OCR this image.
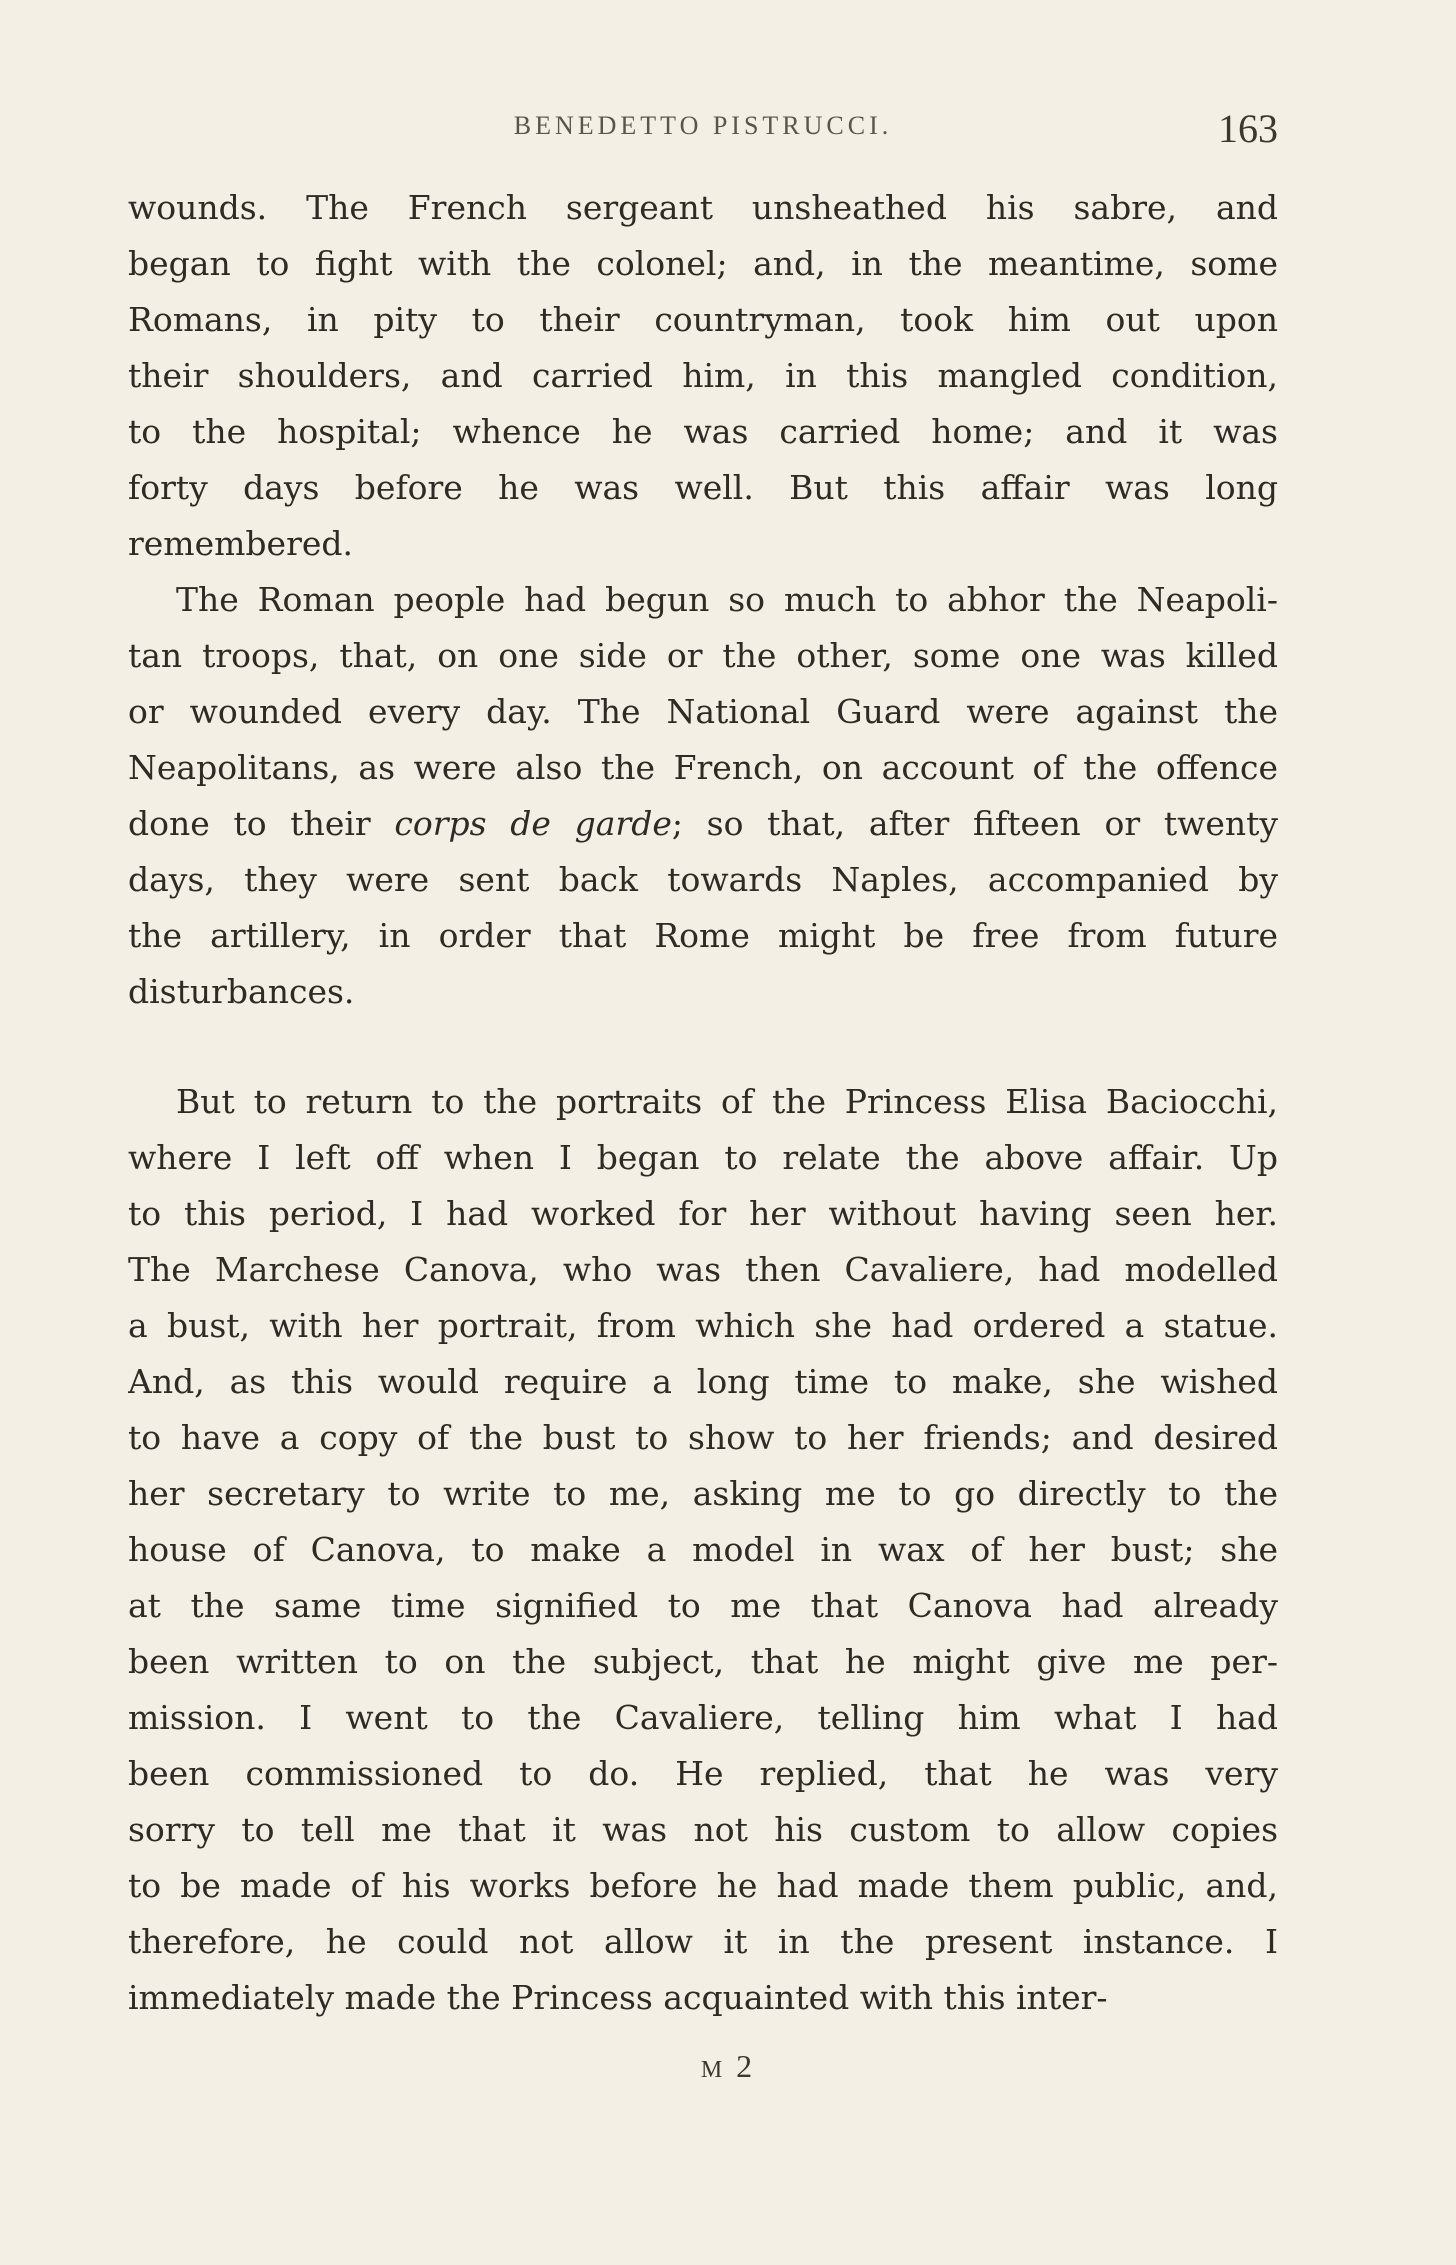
BENEDETTO PISTRUCCI.	163
wounds. The French sergeant unsheathed his sabre, and
began to fight with the colonel; and, in the meantime, some
Romans, in pity to their countryman, took him out upon
their shoulders, and carried him, in this mangled condition,
to the hospital; whence he was carried home; and it was
forty days before he was well. But this affair was long
remembered.
The Roman people had begun so much to abhor the Neapoli-
tan troops, that, on one side or the other, some one was killed
or wounded every day. The National Guard were against the
Neapolitans, as were also the French, on account of the offence
done to their corps de garde; so that, after fifteen or twenty
days, they were sent back towards Naples, accompanied by
the artillery, in order that Rome might be free from future
disturbances.
But to return to the portraits of the Princess Elisa Baciocchi,
where I left off when I began to relate the above affair. Up
to this period, I had worked for her without having seen her.
The Marchese Canova, who was then Cavaliere, had modelled
a bust, with her portrait, from which she had ordered a statue.
And, as this would require a long time to make, she wished
to have a copy of the bust to show to her friends; and desired
her secretary to write to me, asking me to go directly to the
house of Canova, to make a model in wax of her bust; she
at the same time signified to me that Canova had already
been written to on the subject, that he might give me per-
mission. I went to the Cavaliere, telling him what I had
been commissioned to do. He replied, that he was very
sorry to tell me that it was not his custom to allow copies
to be made of his works before he had made them public, and,
therefore, he could not allow it in the present instance. I
immediately made the Princess acquainted with this inter-
M 2
